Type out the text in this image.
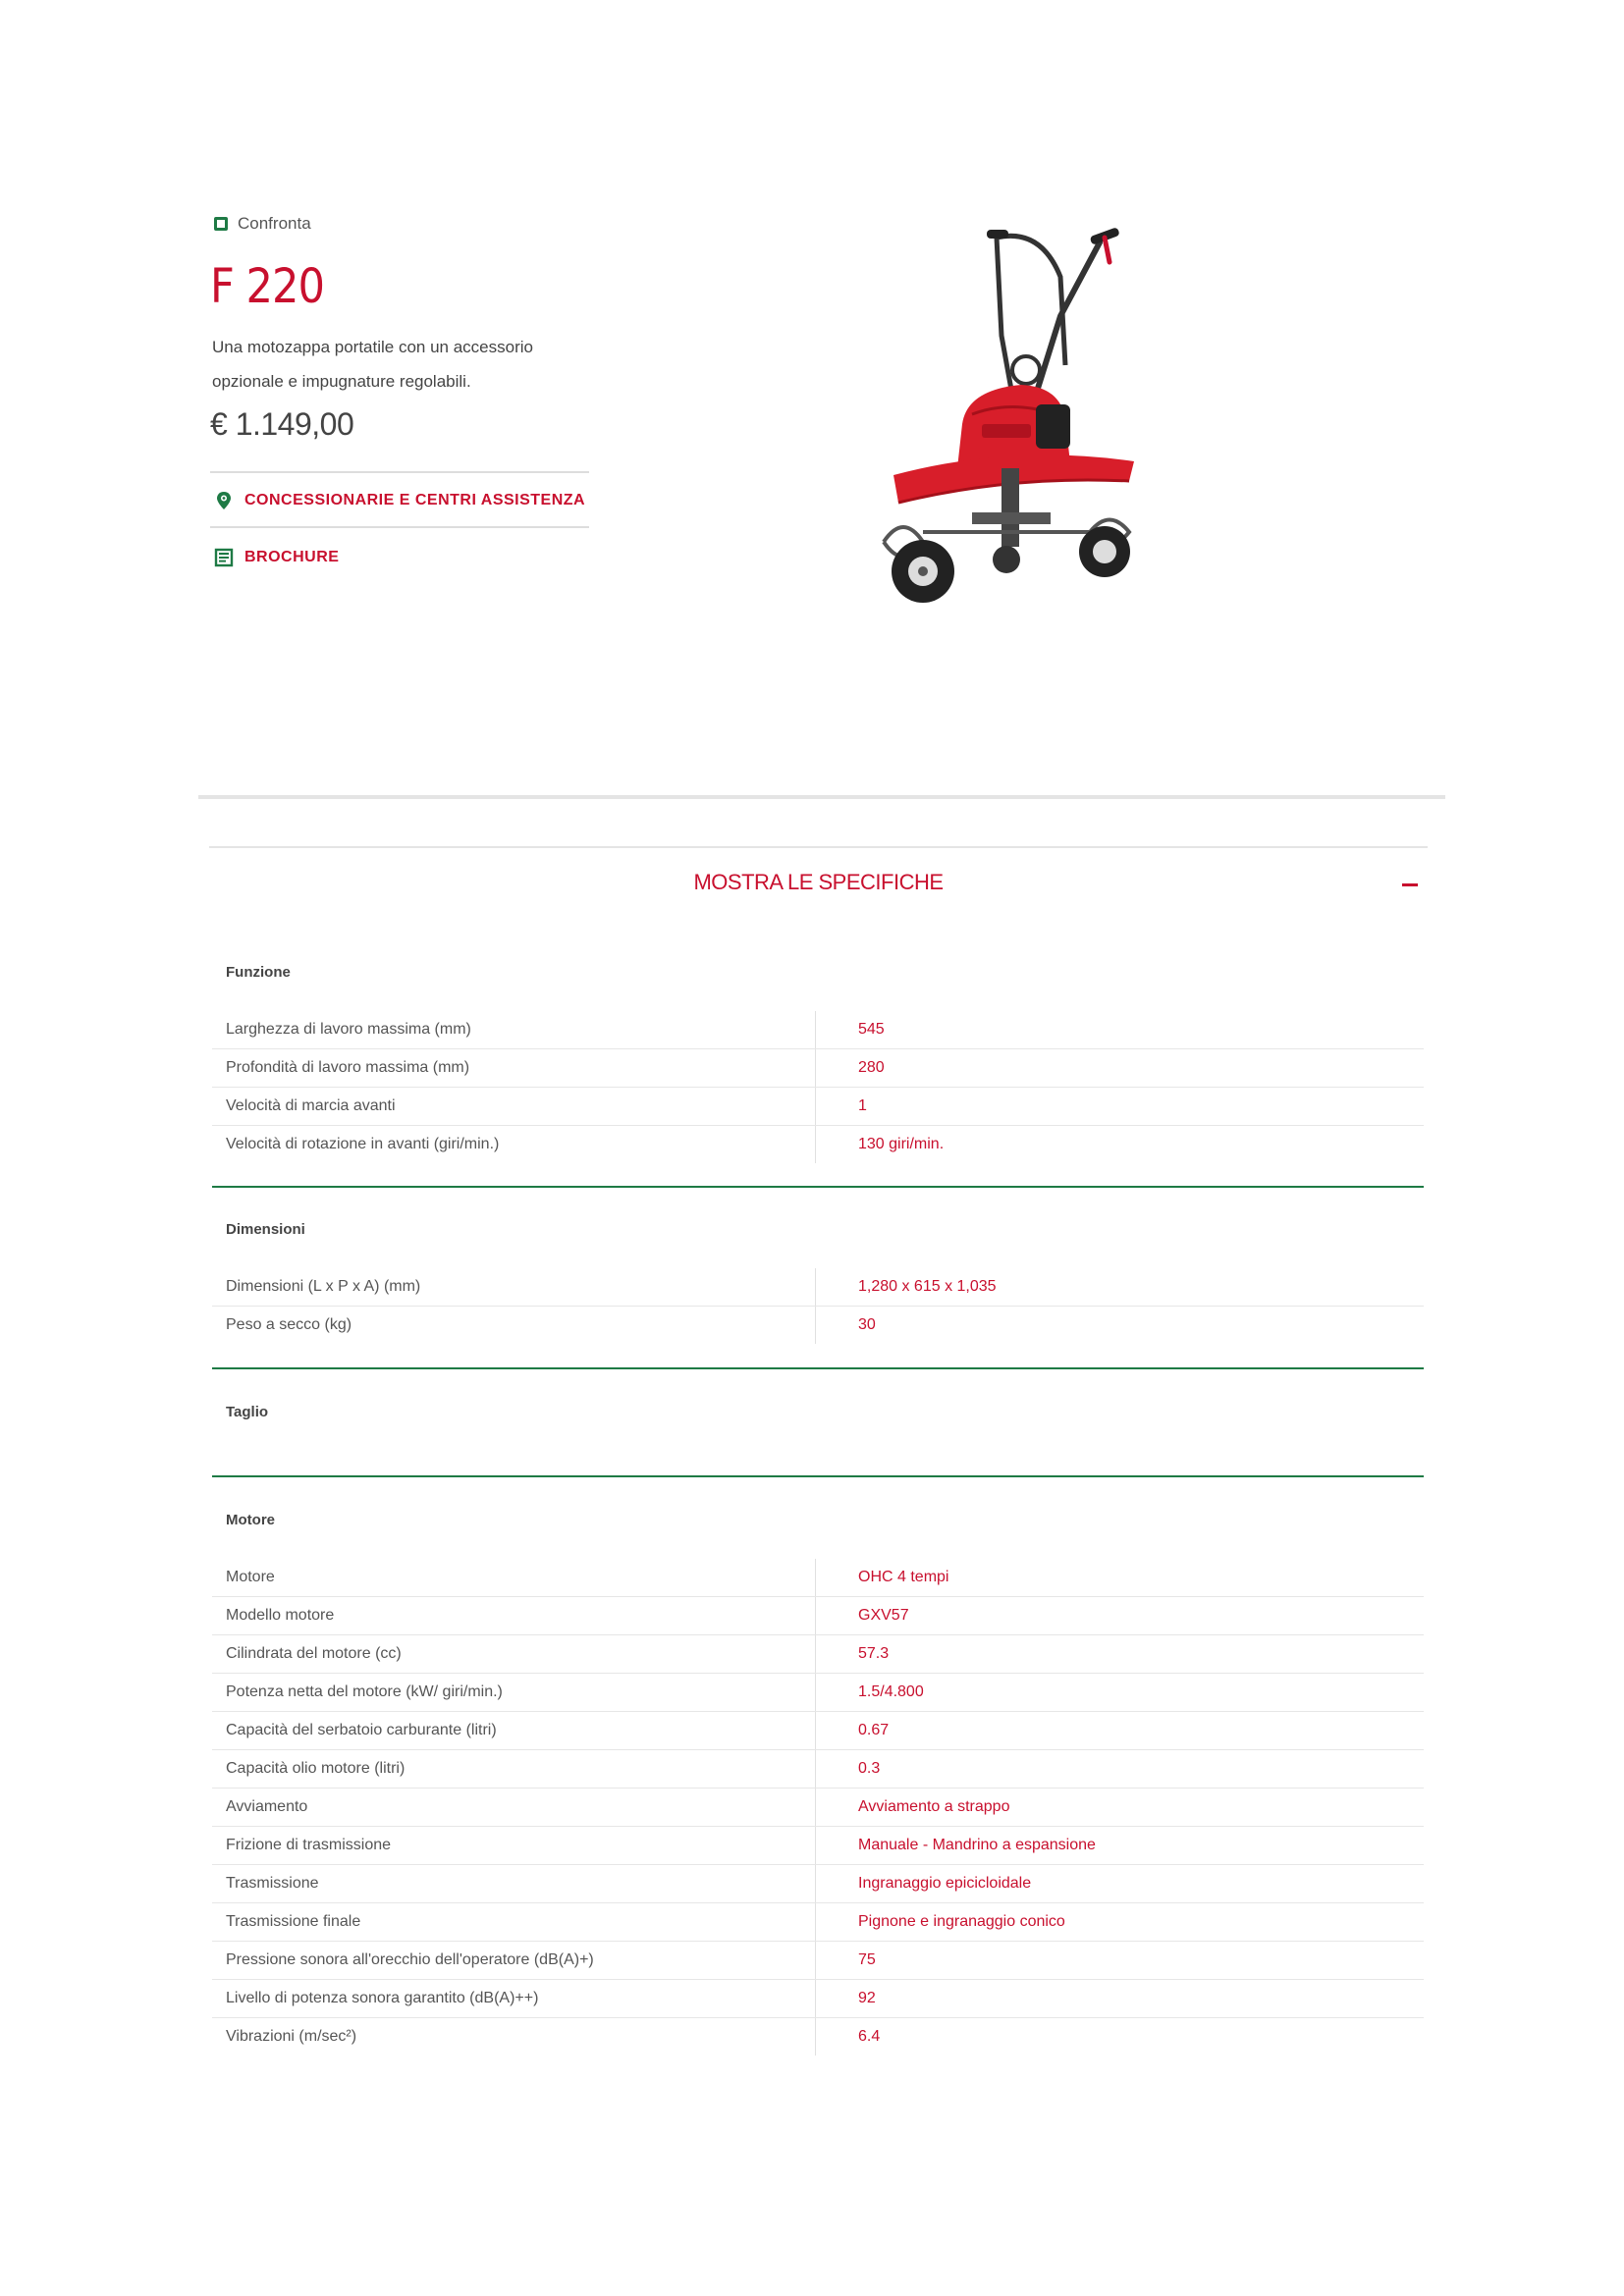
Confronta
F 220
Una motozappa portatile con un accessorio opzionale e impugnature regolabili.
€ 1.149,00
CONCESSIONARIE E CENTRI ASSISTENZA
BROCHURE
MOSTRA LE SPECIFICHE
Funzione
Larghezza di lavoro massima (mm)	545
Profondità di lavoro massima (mm)	280
Velocità di marcia avanti	1
Velocità di rotazione in avanti (giri/min.)	130 giri/min.
Dimensioni
Dimensioni (L x P x A) (mm)	1,280 x 615 x 1,035
Peso a secco (kg)	30
Taglio
Motore
Motore	OHC 4 tempi
Modello motore	GXV57
Cilindrata del motore (cc)	57.3
Potenza netta del motore (kW/ giri/min.)	1.5/4.800
Capacità del serbatoio carburante (litri)	0.67
Capacità olio motore (litri)	0.3
Avviamento	Avviamento a strappo
Frizione di trasmissione	Manuale - Mandrino a espansione
Trasmissione	Ingranaggio epicicloidale
Trasmissione finale	Pignone e ingranaggio conico
Pressione sonora all'orecchio dell'operatore (dB(A)+)	75
Livello di potenza sonora garantito (dB(A)++)	92
Vibrazioni (m/sec²)	6.4
